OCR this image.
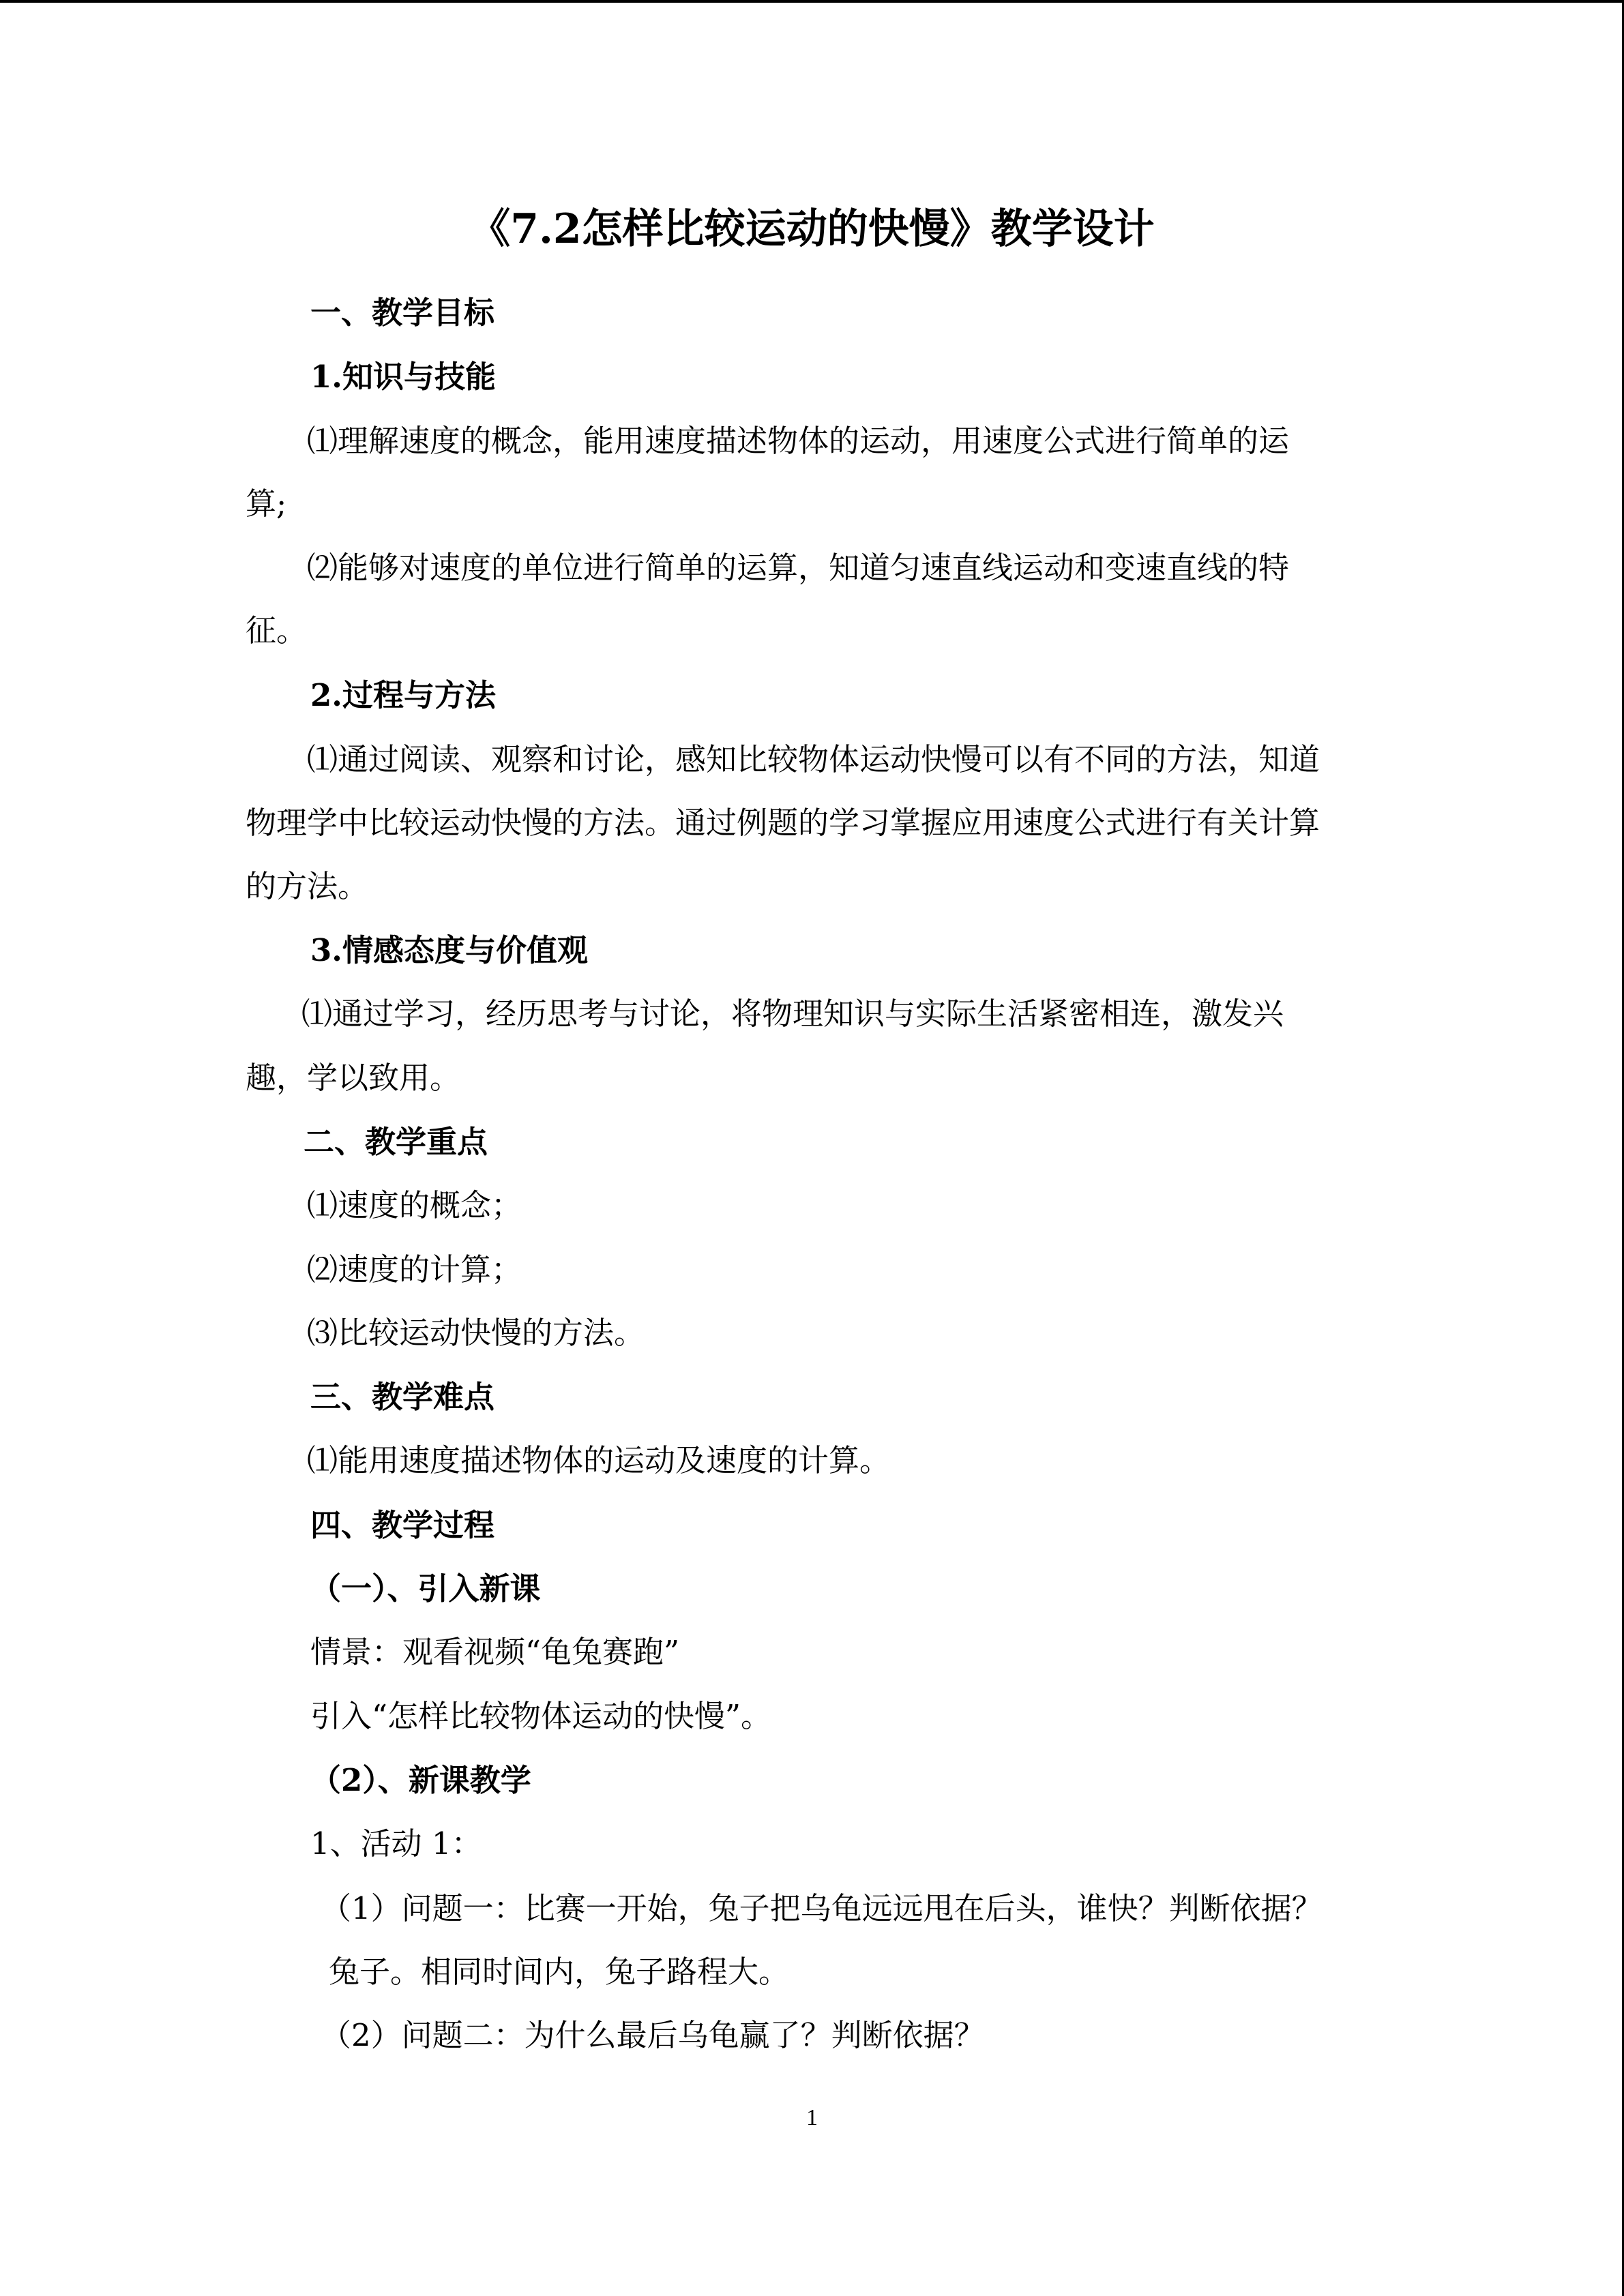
《7.2怎样比较运动的快慢》教学设计
一、教学目标
1.知识与技能
⑴理解速度的概念，能用速度描述物体的运动，用速度公式进行简单的运
算;
⑵能够对速度的单位进行简单的运算，知道匀速直线运动和变速直线的特
征。
2.过程与方法
⑴通过阅读、观察和讨论，感知比较物体运动快慢可以有不同的方法，知道
物理学中比较运动快慢的方法。通过例题的学习掌握应用速度公式进行有关计算
的方法。
3.情感态度与价值观
⑴通过学习，经历思考与讨论，将物理知识与实际生活紧密相连，激发兴
趣，学以致用。
二、教学重点
⑴速度的概念；
⑵速度的计算；
⑶比较运动快慢的方法。
三、教学难点
⑴能用速度描述物体的运动及速度的计算。
四、教学过程
（一）、引入新课
情景：观看视频“龟兔赛跑”
引入“怎样比较物体运动的快慢”。
（2）、新课教学
1、活动 1：
（1）问题一：比赛一开始，兔子把乌龟远远甩在后头，谁快？判断依据？
兔子。相同时间内，兔子路程大。
（2）问题二：为什么最后乌龟赢了？判断依据？
1
